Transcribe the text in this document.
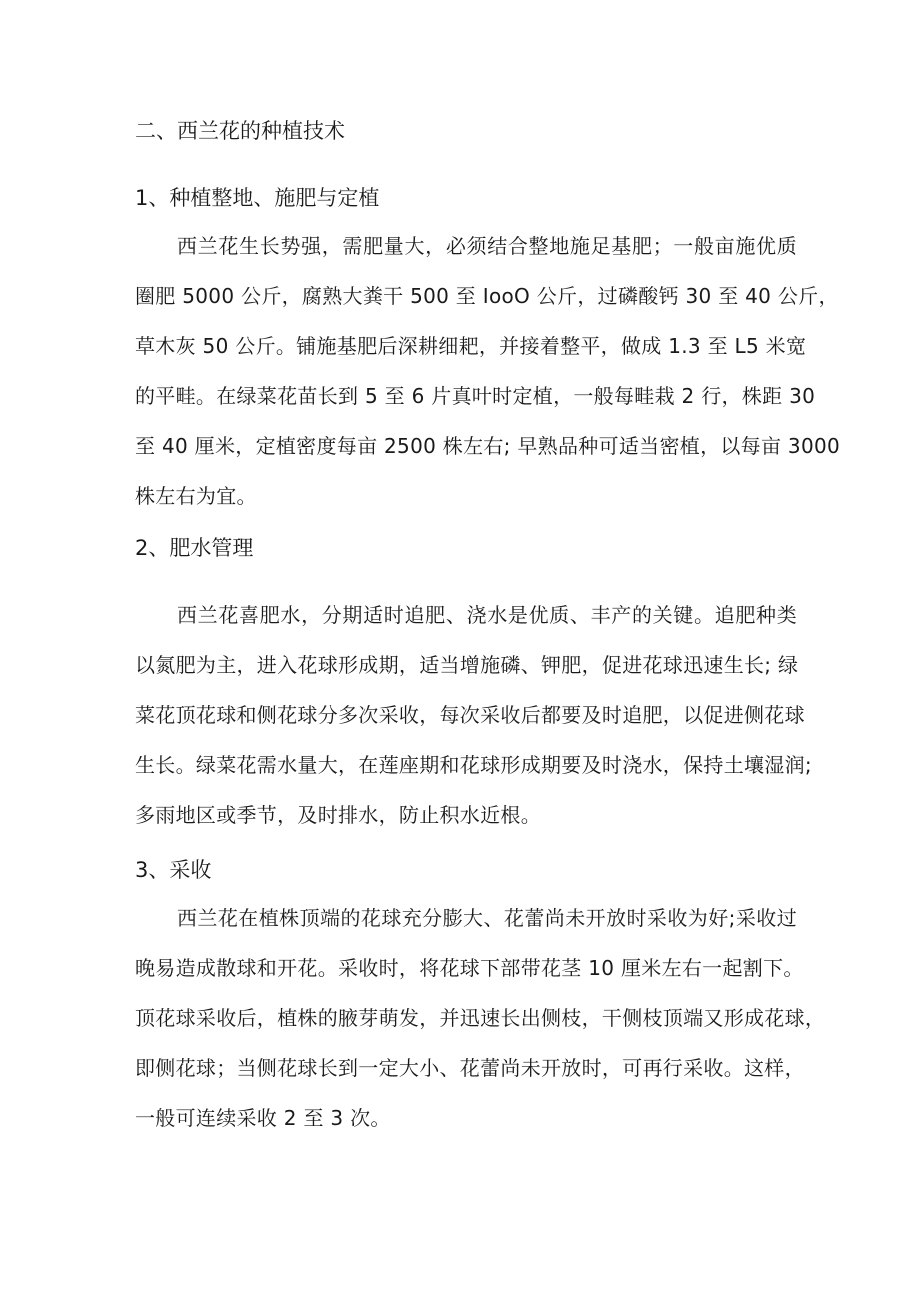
二、西兰花的种植技术
1、种植整地、施肥与定植
西兰花生长势强，需肥量大，必须结合整地施足基肥；一般亩施优质
圈肥 5000 公斤，腐熟大粪干 500 至 IooO 公斤，过磷酸钙 30 至 40 公斤，
草木灰 50 公斤。铺施基肥后深耕细耙，并接着整平，做成 1.3 至 L5 米宽
的平畦。在绿菜花苗长到 5 至 6 片真叶时定植，一般每畦栽 2 行，株距 30
至 40 厘米，定植密度每亩 2500 株左右; 早熟品种可适当密植，以每亩 3000
株左右为宜。
2、肥水管理
西兰花喜肥水，分期适时追肥、浇水是优质、丰产的关键。追肥种类
以氮肥为主，进入花球形成期，适当增施磷、钾肥，促进花球迅速生长; 绿
菜花顶花球和侧花球分多次采收，每次采收后都要及时追肥，以促进侧花球
生长。绿菜花需水量大，在莲座期和花球形成期要及时浇水，保持土壤湿润;
多雨地区或季节，及时排水，防止积水近根。
3、采收
西兰花在植株顶端的花球充分膨大、花蕾尚未开放时采收为好;采收过
晚易造成散球和开花。采收时，将花球下部带花茎 10 厘米左右一起割下。
顶花球采收后，植株的腋芽萌发，并迅速长出侧枝，干侧枝顶端又形成花球，
即侧花球；当侧花球长到一定大小、花蕾尚未开放时，可再行采收。这样，
一般可连续采收 2 至 3 次。
